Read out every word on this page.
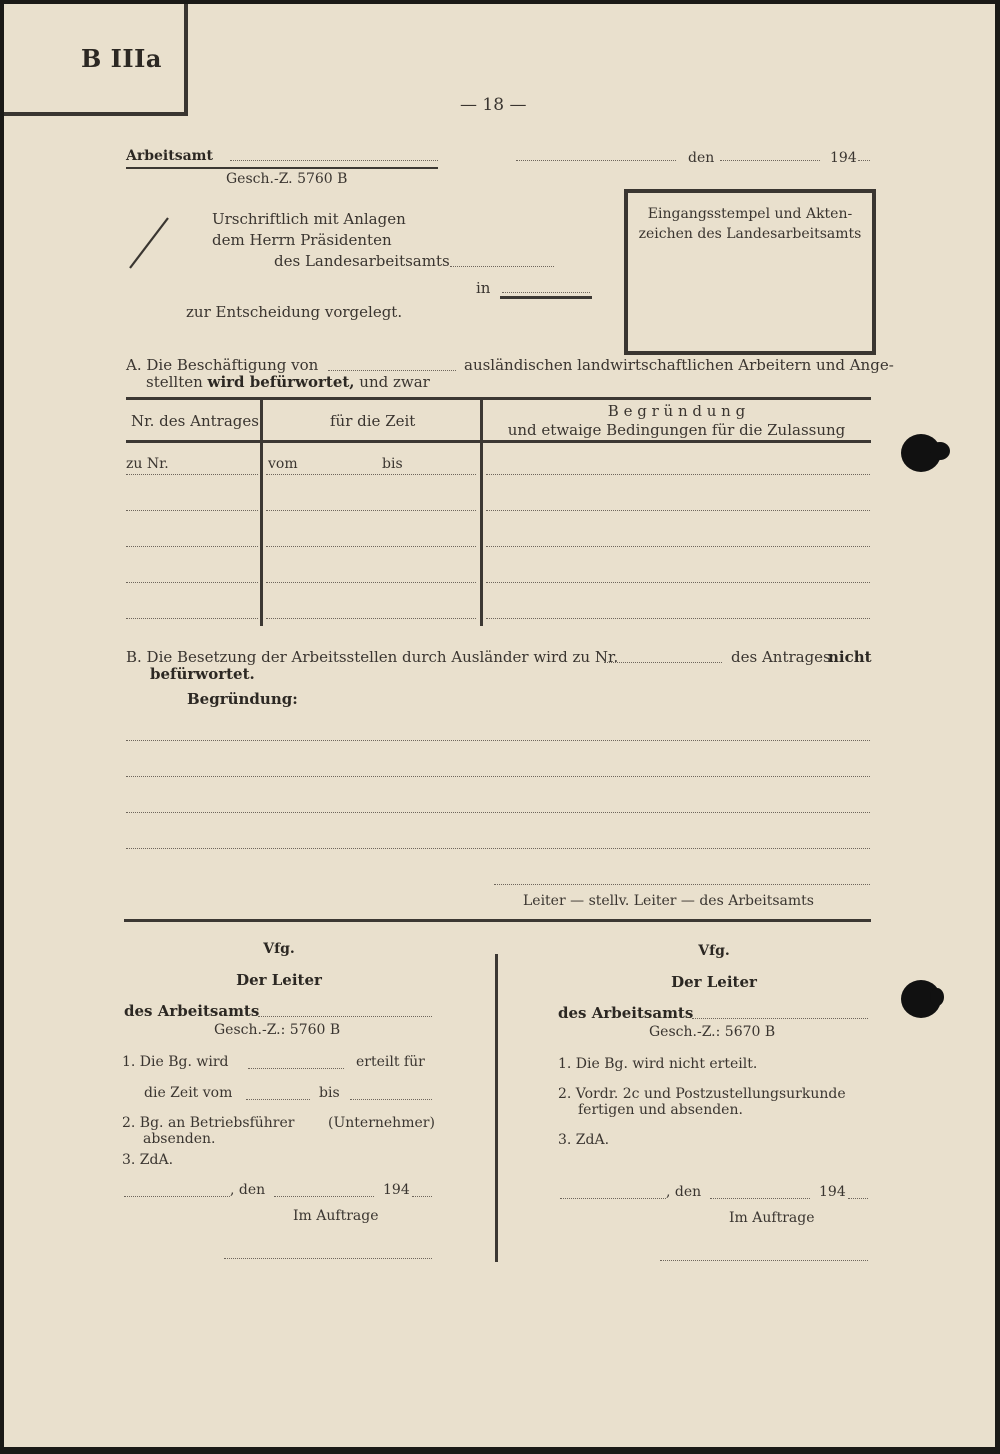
B IIIa
— 18 —
Arbeitsamt
Gesch.-Z. 5760 B
den	194
Urschriftlich mit Anlagen
dem Herrn Präsidenten
des Landesarbeitsamts
in
zur Entscheidung vorgelegt.
Eingangsstempel und Akten-
zeichen des Landesarbeitsamts
A. Die Beschäftigung von	ausländischen landwirtschaftlichen Arbeitern und Ange-
stellten wird befürwortet, und zwar
Nr. des Antrages	für die Zeit
B e g r ü n d u n g
und etwaige Bedingungen für die Zulassung
zu Nr.	vom	bis
B. Die Besetzung der Arbeitsstellen durch Ausländer wird zu Nr.	des Antrages
nicht
befürwortet.
Begründung:
Leiter — stellv. Leiter — des Arbeitsamts
Vfg.
Der Leiter
des Arbeitsamts
Gesch.-Z.: 5760 B
1. Die Bg. wird	erteilt für
die Zeit vom	bis
2. Bg. an Betriebsführer (Unternehmer)
absenden.
3. ZdA.
, den	194
Im Auftrage
Vfg.
Der Leiter
des Arbeitsamts
Gesch.-Z.: 5670 B
1. Die Bg. wird nicht erteilt.
2. Vordr. 2c und Postzustellungsurkunde
fertigen und absenden.
3. ZdA.
, den	194
Im Auftrage
